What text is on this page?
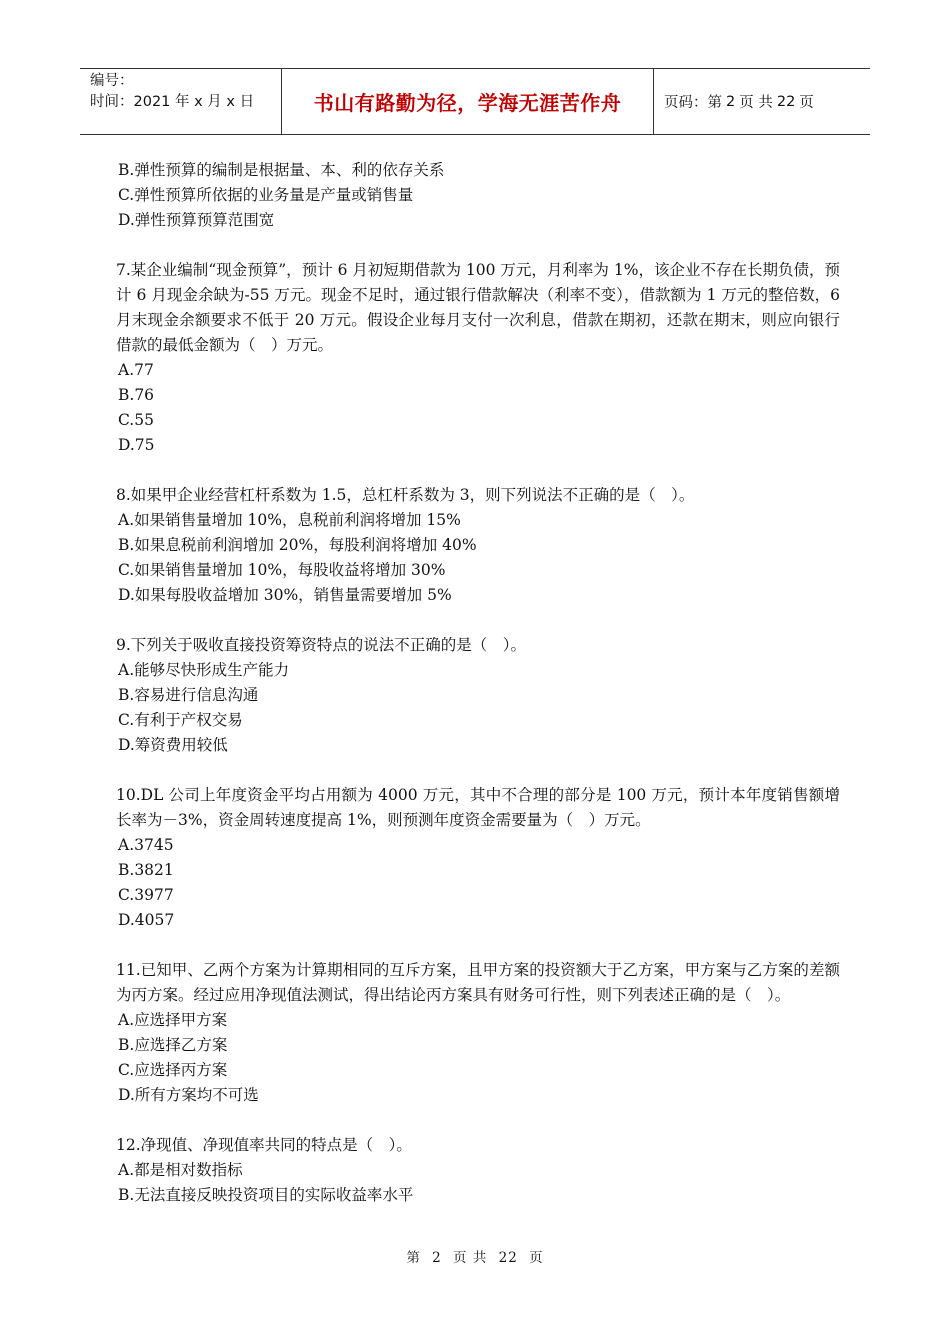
编号：
时间：2021 年 x 月 x 日	书山有路勤为径，学海无涯苦作舟	页码：第 2 页 共 22 页
B.弹性预算的编制是根据量、本、利的依存关系
C.弹性预算所依据的业务量是产量或销售量
D.弹性预算预算范围宽
7.某企业编制“现金预算”，预计 6 月初短期借款为 100 万元，月利率为 1%，该企业不存在长期负债，预计 6 月现金余缺为-55 万元。现金不足时，通过银行借款解决（利率不变），借款额为 1 万元的整倍数，6 月末现金余额要求不低于 20 万元。假设企业每月支付一次利息，借款在期初，还款在期末，则应向银行借款的最低金额为（　）万元。
A.77
B.76
C.55
D.75
8.如果甲企业经营杠杆系数为 1.5，总杠杆系数为 3，则下列说法不正确的是（　）。
A.如果销售量增加 10%，息税前利润将增加 15%
B.如果息税前利润增加 20%，每股利润将增加 40%
C.如果销售量增加 10%，每股收益将增加 30%
D.如果每股收益增加 30%，销售量需要增加 5%
9.下列关于吸收直接投资筹资特点的说法不正确的是（　）。
A.能够尽快形成生产能力
B.容易进行信息沟通
C.有利于产权交易
D.筹资费用较低
10.DL 公司上年度资金平均占用额为 4000 万元，其中不合理的部分是 100 万元，预计本年度销售额增长率为－3%，资金周转速度提高 1%，则预测年度资金需要量为（　）万元。
A.3745
B.3821
C.3977
D.4057
11.已知甲、乙两个方案为计算期相同的互斥方案，且甲方案的投资额大于乙方案，甲方案与乙方案的差额为丙方案。经过应用净现值法测试，得出结论丙方案具有财务可行性，则下列表述正确的是（　）。
A.应选择甲方案
B.应选择乙方案
C.应选择丙方案
D.所有方案均不可选
12.净现值、净现值率共同的特点是（　）。
A.都是相对数指标
B.无法直接反映投资项目的实际收益率水平
第 2 页 共 22 页
